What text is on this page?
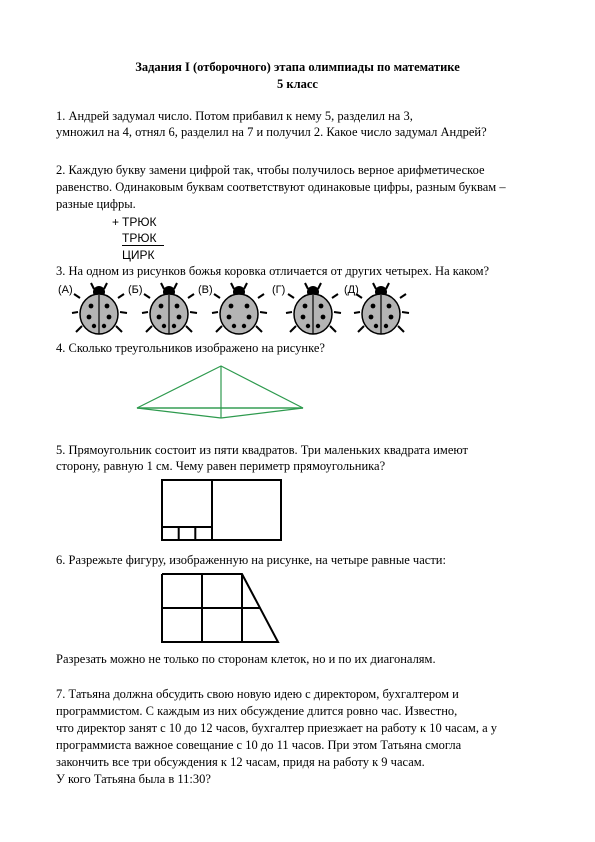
Задания I (отборочного) этапа олимпиады по математике
5 класс
1. Андрей задумал число. Потом прибавил к нему 5, разделил на 3,
умножил на 4, отнял 6, разделил на 7 и получил 2. Какое число задумал Андрей?
2. Каждую букву замени цифрой так, чтобы получилось верное арифметическое
равенство. Одинаковым буквам соответствуют одинаковые цифры, разным буквам –
разные цифры.
+ ТРЮК
ТРЮК
ЦИРК
3. На одном из рисунков божья коровка отличается от других четырех. На каком?
(А)	(Б)	(В)	(Г)	(Д)
4. Сколько треугольников изображено на рисунке?
5. Прямоугольник состоит из пяти квадратов. Три маленьких квадрата имеют
сторону, равную 1 см. Чему равен периметр прямоугольника?
6. Разрежьте фигуру, изображенную на рисунке, на четыре равные части:
Разрезать можно не только по сторонам клеток, но и по их диагоналям.
7. Татьяна должна обсудить свою новую идею с директором, бухгалтером и
программистом. С каждым из них обсуждение длится ровно час. Известно,
что директор занят с 10 до 12 часов, бухгалтер приезжает на работу к 10 часам, а у
программиста важное совещание с 10 до 11 часов. При этом Татьяна смогла
закончить все три обсуждения к 12 часам, придя на работу к 9 часам.
У кого Татьяна была в 11:30?
